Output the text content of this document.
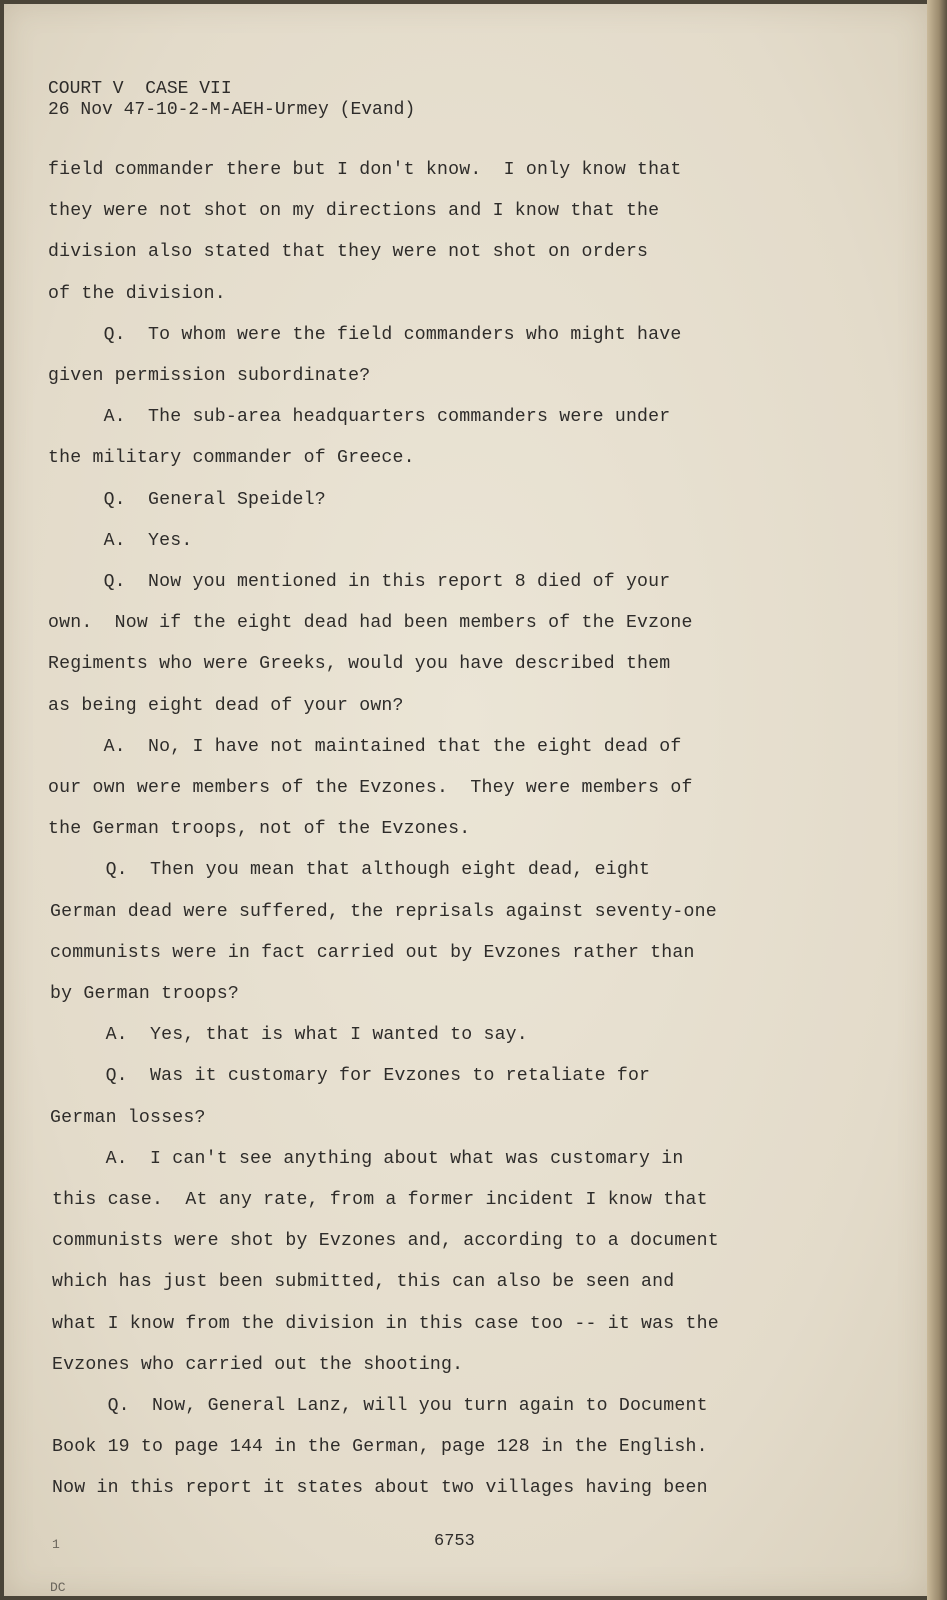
COURT V  CASE VII
26 Nov 47-10-2-M-AEH-Urmey (Evand)
field commander there but I don't know.  I only know that
they were not shot on my directions and I know that the
division also stated that they were not shot on orders
of the division.
Q.  To whom were the field commanders who might have
given permission subordinate?
A.  The sub-area headquarters commanders were under
the military commander of Greece.
Q.  General Speidel?
A.  Yes.
Q.  Now you mentioned in this report 8 died of your
own.  Now if the eight dead had been members of the Evzone
Regiments who were Greeks, would you have described them
as being eight dead of your own?
A.  No, I have not maintained that the eight dead of
our own were members of the Evzones.  They were members of
the German troops, not of the Evzones.
Q.  Then you mean that although eight dead, eight
German dead were suffered, the reprisals against seventy-one
communists were in fact carried out by Evzones rather than
by German troops?
A.  Yes, that is what I wanted to say.
Q.  Was it customary for Evzones to retaliate for
German losses?
A.  I can't see anything about what was customary in
this case.  At any rate, from a former incident I know that
communists were shot by Evzones and, according to a document
which has just been submitted, this can also be seen and
what I know from the division in this case too -- it was the
Evzones who carried out the shooting.
Q.  Now, General Lanz, will you turn again to Document
Book 19 to page 144 in the German, page 128 in the English.
Now in this report it states about two villages having been
6753
1
DC
